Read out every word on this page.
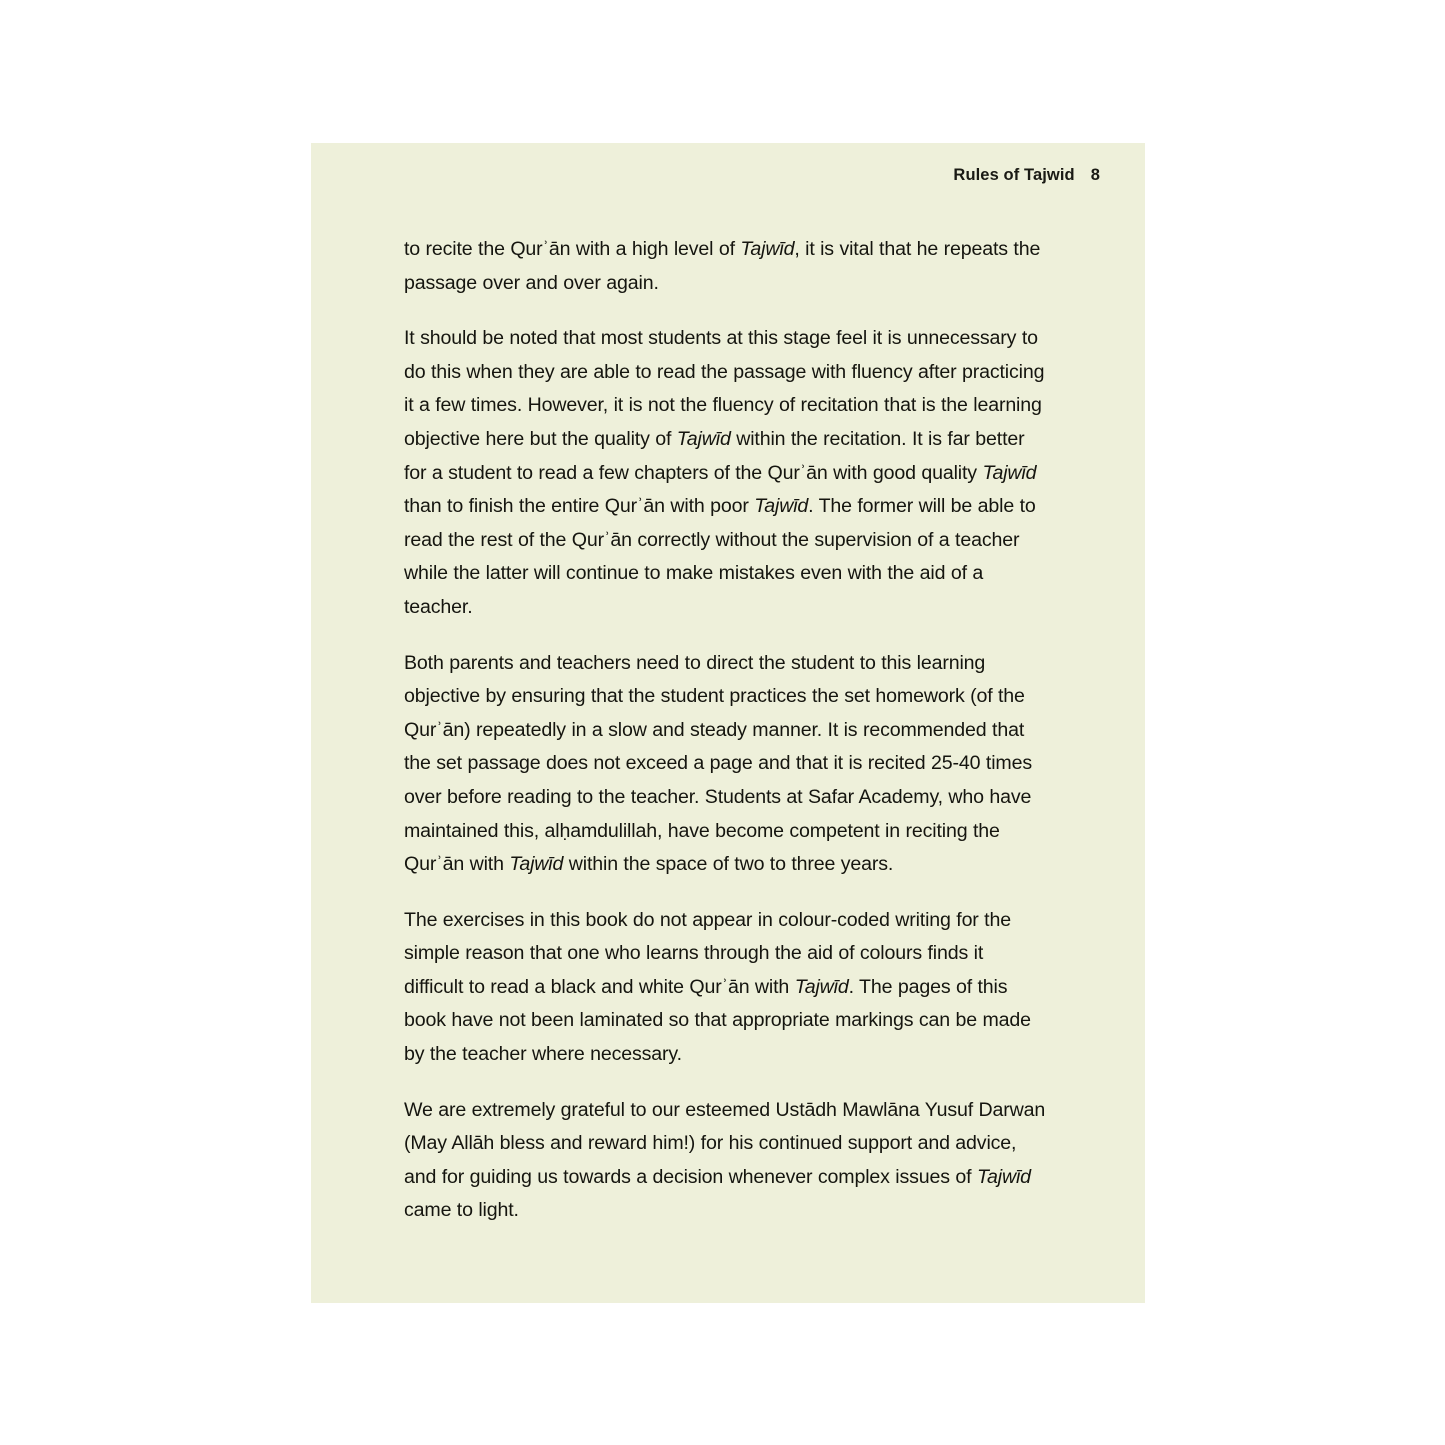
Rules of Tajwid 8

to recite the Qurʾān with a high level of Tajwīd, it is vital that he repeats the passage over and over again.

It should be noted that most students at this stage feel it is unnecessary to do this when they are able to read the passage with fluency after practicing it a few times. However, it is not the fluency of recitation that is the learning objective here but the quality of Tajwīd within the recitation. It is far better for a student to read a few chapters of the Qurʾān with good quality Tajwīd than to finish the entire Qurʾān with poor Tajwīd. The former will be able to read the rest of the Qurʾān correctly without the supervision of a teacher while the latter will continue to make mistakes even with the aid of a teacher.

Both parents and teachers need to direct the student to this learning objective by ensuring that the student practices the set homework (of the Qurʾān) repeatedly in a slow and steady manner. It is recommended that the set passage does not exceed a page and that it is recited 25-40 times over before reading to the teacher. Students at Safar Academy, who have maintained this, alḥamdulillah, have become competent in reciting the Qurʾān with Tajwīd within the space of two to three years.

The exercises in this book do not appear in colour-coded writing for the simple reason that one who learns through the aid of colours finds it difficult to read a black and white Qurʾān with Tajwīd. The pages of this book have not been laminated so that appropriate markings can be made by the teacher where necessary.

We are extremely grateful to our esteemed Ustādh Mawlāna Yusuf Darwan (May Allāh bless and reward him!) for his continued support and advice, and for guiding us towards a decision whenever complex issues of Tajwīd came to light.
